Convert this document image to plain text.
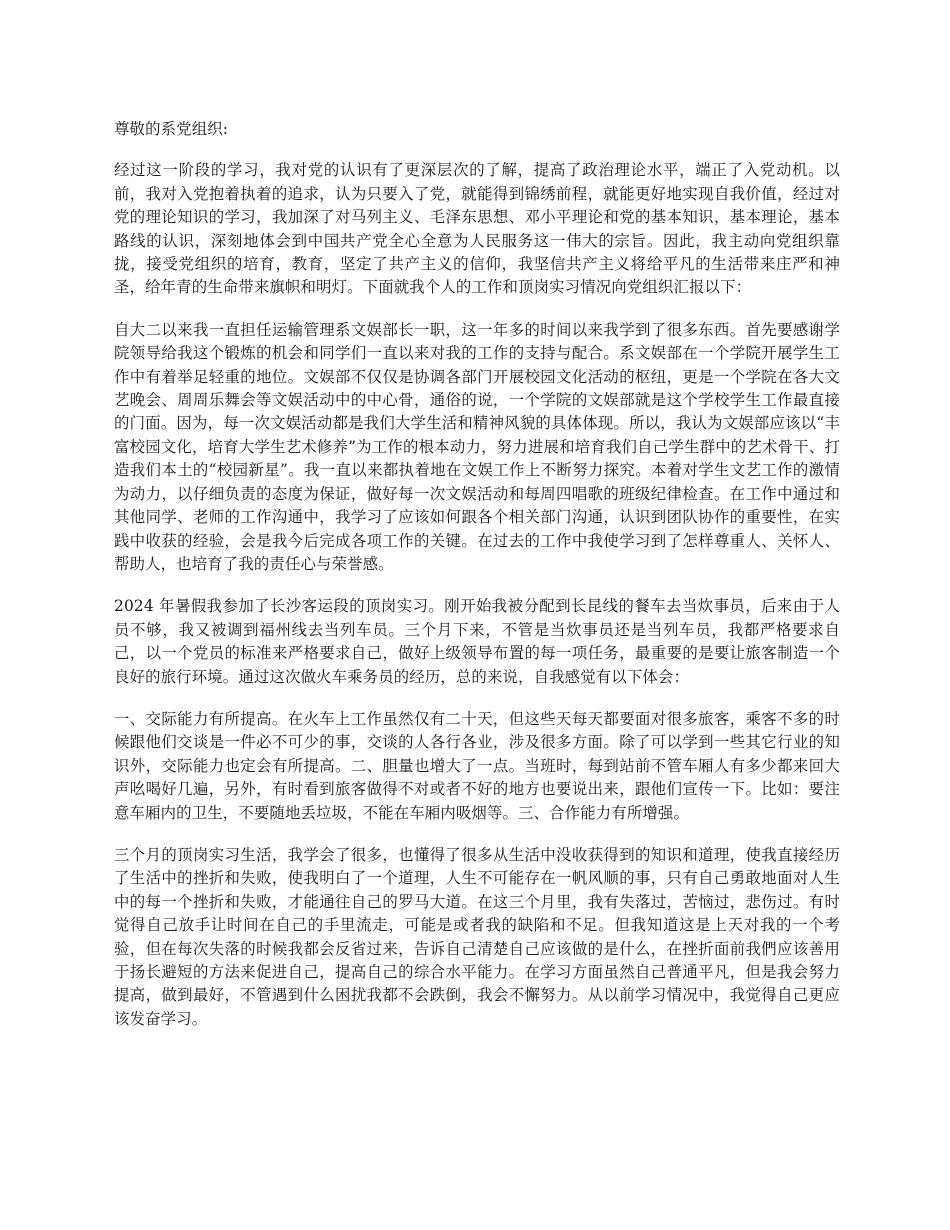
尊敬的系党组织:

经过这一阶段的学习，我对党的认识有了更深层次的了解，提高了政治理论水平，端正了入党动机。以前，我对入党抱着执着的追求，认为只要入了党，就能得到锦绣前程，就能更好地实现自我价值，经过对党的理论知识的学习，我加深了对马列主义、毛泽东思想、邓小平理论和党的基本知识，基本理论，基本路线的认识，深刻地体会到中国共产党全心全意为人民服务这一伟大的宗旨。因此，我主动向党组织靠拢，接受党组织的培育，教育，坚定了共产主义的信仰，我坚信共产主义将给平凡的生活带来庄严和神圣，给年青的生命带来旗帜和明灯。下面就我个人的工作和顶岗实习情况向党组织汇报以下：

自大二以来我一直担任运输管理系文娱部长一职，这一年多的时间以来我学到了很多东西。首先要感谢学院领导给我这个锻炼的机会和同学们一直以来对我的工作的支持与配合。系文娱部在一个学院开展学生工作中有着举足轻重的地位。文娱部不仅仅是协调各部门开展校园文化活动的枢纽，更是一个学院在各大文艺晚会、周周乐舞会等文娱活动中的中心骨，通俗的说，一个学院的文娱部就是这个学校学生工作最直接的门面。因为，每一次文娱活动都是我们大学生活和精神风貌的具体体现。所以，我认为文娱部应该以“丰富校园文化，培育大学生艺术修养”为工作的根本动力，努力进展和培育我们自己学生群中的艺术骨干、打造我们本土的“校园新星”。我一直以来都执着地在文娱工作上不断努力探究。本着对学生文艺工作的激情为动力，以仔细负责的态度为保证，做好每一次文娱活动和每周四唱歌的班级纪律检查。在工作中通过和其他同学、老师的工作沟通中，我学习了应该如何跟各个相关部门沟通，认识到团队协作的重要性，在实践中收获的经验，会是我今后完成各项工作的关键。在过去的工作中我使学习到了怎样尊重人、关怀人、帮助人，也培育了我的责任心与荣誉感。

2024 年暑假我参加了长沙客运段的顶岗实习。刚开始我被分配到长昆线的餐车去当炊事员，后来由于人员不够，我又被调到福州线去当列车员。三个月下来，不管是当炊事员还是当列车员，我都严格要求自己，以一个党员的标准来严格要求自己，做好上级领导布置的每一项任务，最重要的是要让旅客制造一个良好的旅行环境。通过这次做火车乘务员的经历，总的来说，自我感觉有以下体会：

一、交际能力有所提高。在火车上工作虽然仅有二十天，但这些天每天都要面对很多旅客，乘客不多的时候跟他们交谈是一件必不可少的事，交谈的人各行各业，涉及很多方面。除了可以学到一些其它行业的知识外，交际能力也定会有所提高。二、胆量也增大了一点。当班时，每到站前不管车厢人有多少都来回大声吆喝好几遍，另外，有时看到旅客做得不对或者不好的地方也要说出来，跟他们宣传一下。比如：要注意车厢内的卫生，不要随地丢垃圾，不能在车厢内吸烟等。三、合作能力有所增强。

三个月的顶岗实习生活，我学会了很多，也懂得了很多从生活中没收获得到的知识和道理，使我直接经历了生活中的挫折和失败，使我明白了一个道理，人生不可能存在一帆风顺的事，只有自己勇敢地面对人生中的每一个挫折和失败，才能通往自己的罗马大道。在这三个月里，我有失落过，苦恼过，悲伤过。有时觉得自己放手让时间在自己的手里流走，可能是或者我的缺陷和不足。但我知道这是上天对我的一个考验，但在每次失落的时候我都会反省过来，告诉自己清楚自己应该做的是什么，在挫折面前我們应该善用于扬长避短的方法来促进自己，提高自己的综合水平能力。在学习方面虽然自己普通平凡，但是我会努力提高，做到最好，不管遇到什么困扰我都不会跌倒，我会不懈努力。从以前学习情况中，我觉得自己更应该发奋学习。
